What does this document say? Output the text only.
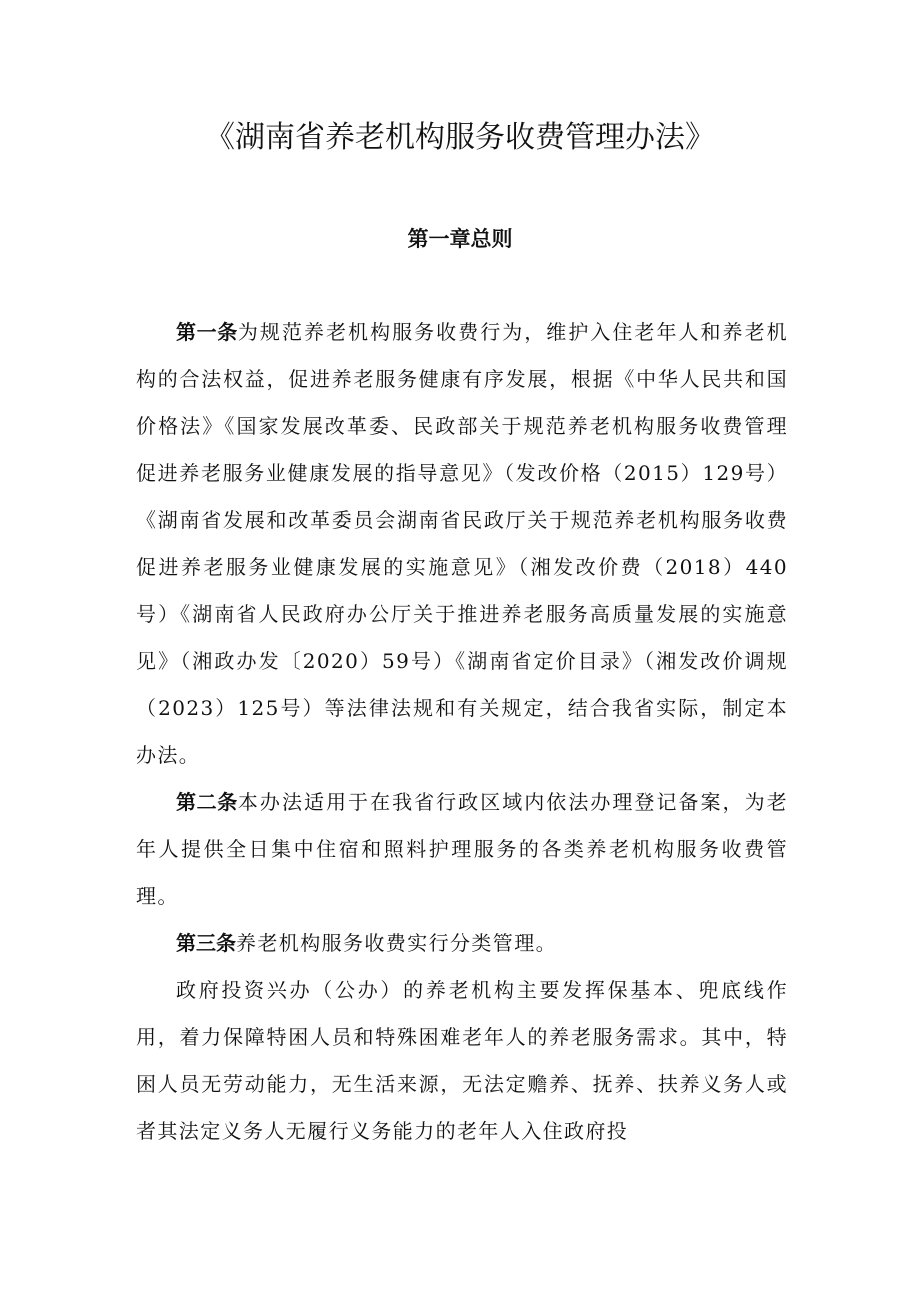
《湖南省养老机构服务收费管理办法》
第一章总则

第一条为规范养老机构服务收费行为，维护入住老年人和养老机构的合法权益，促进养老服务健康有序发展，根据《中华人民共和国价格法》《国家发展改革委、民政部关于规范养老机构服务收费管理促进养老服务业健康发展的指导意见》（发改价格（2015）129号）《湖南省发展和改革委员会湖南省民政厅关于规范养老机构服务收费促进养老服务业健康发展的实施意见》（湘发改价费（2018）440号）《湖南省人民政府办公厅关于推进养老服务高质量发展的实施意见》（湘政办发〔2020）59号）《湖南省定价目录》（湘发改价调规（2023）125号）等法律法规和有关规定，结合我省实际，制定本办法。

第二条本办法适用于在我省行政区域内依法办理登记备案，为老年人提供全日集中住宿和照料护理服务的各类养老机构服务收费管理。

第三条养老机构服务收费实行分类管理。

政府投资兴办（公办）的养老机构主要发挥保基本、兜底线作用，着力保障特困人员和特殊困难老年人的养老服务需求。其中，特困人员无劳动能力，无生活来源，无法定赡养、抚养、扶养义务人或者其法定义务人无履行义务能力的老年人入住政府投
